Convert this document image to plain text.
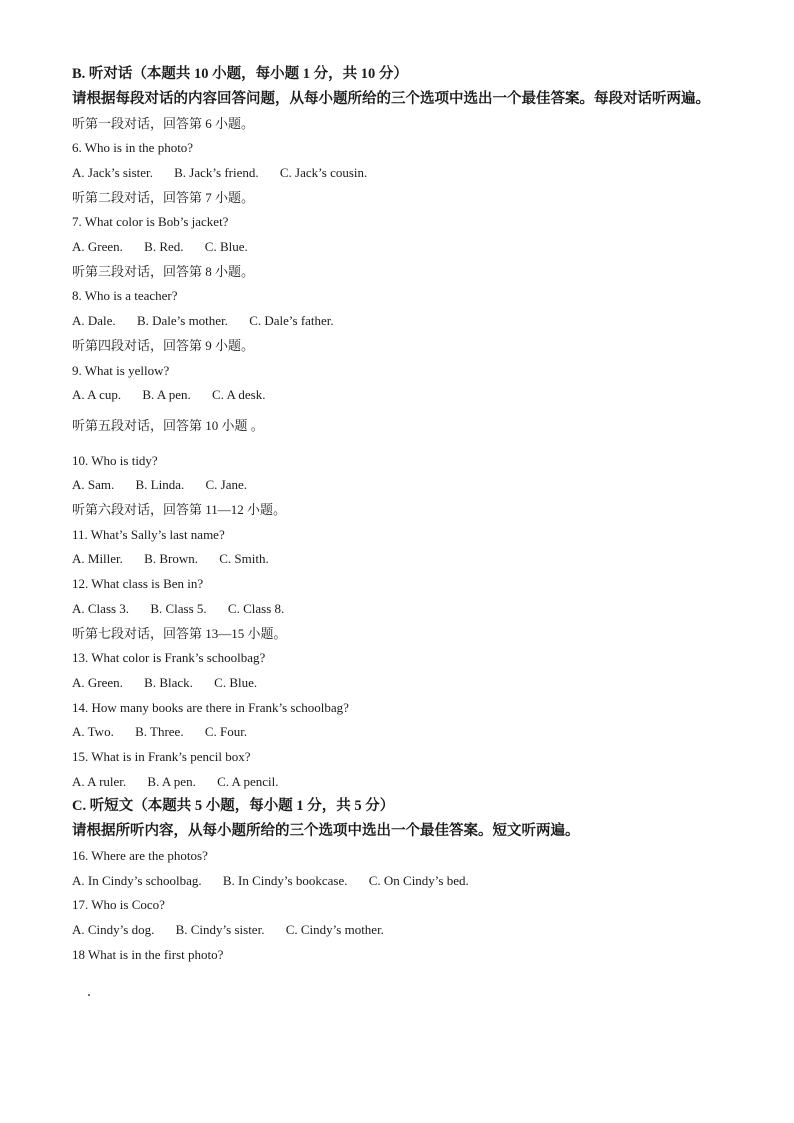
B. 听对话（本题共 10 小题，每小题 1 分，共 10 分）
请根据每段对话的内容回答问题，从每小题所给的三个选项中选出一个最佳答案。每段对话听两遍。
听第一段对话，回答第 6 小题。
6. Who is in the photo?
A. Jack’s sister. B. Jack’s friend. C. Jack’s cousin.
听第二段对话，回答第 7 小题。
7. What color is Bob’s jacket?
A. Green. B. Red. C. Blue.
听第三段对话，回答第 8 小题。
8. Who is a teacher?
A. Dale. B. Dale’s mother. C. Dale’s father.
听第四段对话，回答第 9 小题。
9. What is yellow?
A. A cup. B. A pen. C. A desk.
听第五段对话，回答第 10 小题 。
10. Who is tidy?
A. Sam. B. Linda. C. Jane.
听第六段对话，回答第 11—12 小题。
11. What’s Sally’s last name?
A. Miller. B. Brown. C. Smith.
12. What class is Ben in?
A. Class 3. B. Class 5. C. Class 8.
听第七段对话，回答第 13—15 小题。
13. What color is Frank’s schoolbag?
A. Green. B. Black. C. Blue.
14. How many books are there in Frank’s schoolbag?
A. Two. B. Three. C. Four.
15. What is in Frank’s pencil box?
A. A ruler. B. A pen. C. A pencil.
C. 听短文（本题共 5 小题，每小题 1 分，共 5 分）
请根据所听内容，从每小题所给的三个选项中选出一个最佳答案。短文听两遍。
16. Where are the photos?
A. In Cindy’s schoolbag. B. In Cindy’s bookcase. C. On Cindy’s bed.
17. Who is Coco?
A. Cindy’s dog. B. Cindy’s sister. C. Cindy’s mother.
18 What is in the first photo?
